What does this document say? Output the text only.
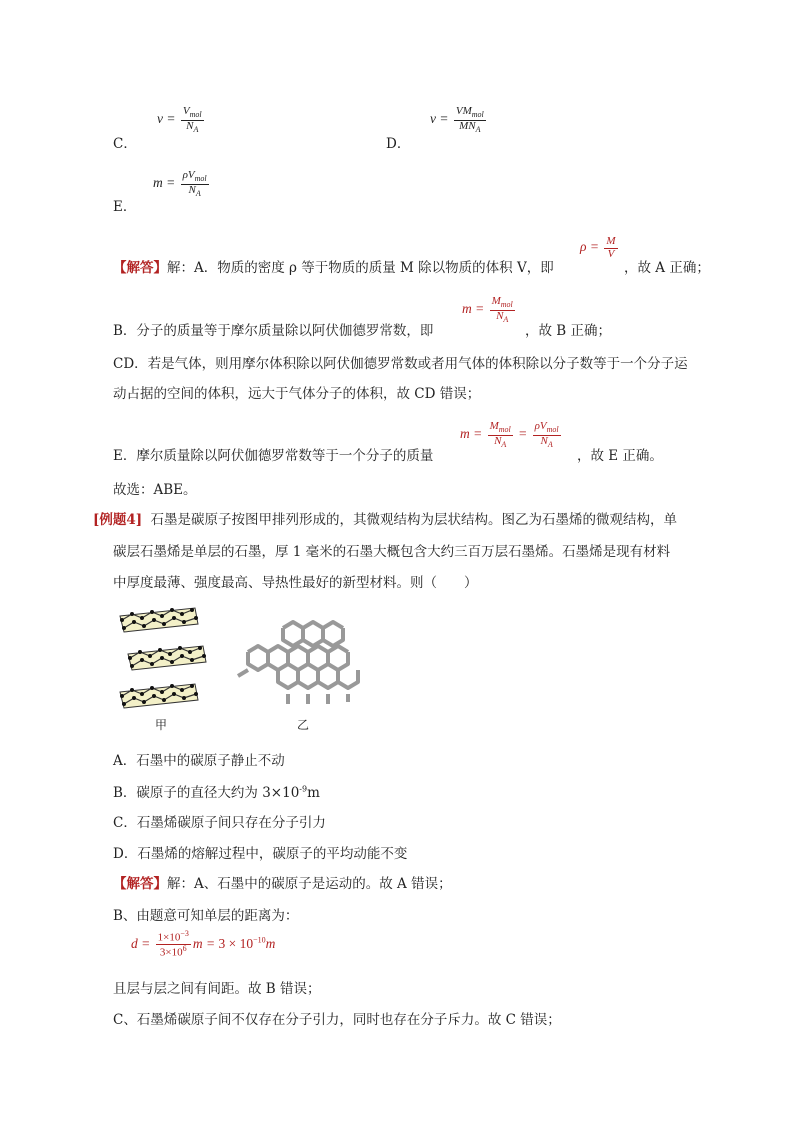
C．
$v = \frac{V_{mol}}{N_A}$
D．
$v = \frac{VM_{mol}}{MN_A}$
E．
$m = \frac{\rho V_{mol}}{N_A}$
【解答】解：A．物质的密度 ρ 等于物质的质量 M 除以物质的体积 V，即
$\rho = \frac{M}{V}$
，故 A 正确；
B．分子的质量等于摩尔质量除以阿伏伽德罗常数，即
$m = \frac{M_{mol}}{N_A}$
，故 B 正确；
CD．若是气体，则用摩尔体积除以阿伏伽德罗常数或者用气体的体积除以分子数等于一个分子运
动占据的空间的体积，远大于气体分子的体积，故 CD 错误；
E．摩尔质量除以阿伏伽德罗常数等于一个分子的质量
$m = \frac{M_{mol}}{N_A} = \frac{\rho V_{mol}}{N_A}$
，故 E 正确。
故选：ABE。
[例题4] 石墨是碳原子按图甲排列形成的，其微观结构为层状结构。图乙为石墨烯的微观结构，单
碳层石墨烯是单层的石墨，厚 1 毫米的石墨大概包含大约三百万层石墨烯。石墨烯是现有材料
中厚度最薄、强度最高、导热性最好的新型材料。则（　　）
甲	乙
A．石墨中的碳原子静止不动
B．碳原子的直径大约为 $3\times 10^{-9}m$
C．石墨烯碳原子间只存在分子引力
D．石墨烯的熔解过程中，碳原子的平均动能不变
【解答】解：A、石墨中的碳原子是运动的。故 A 错误；
B、由题意可知单层的距离为：
$d = \frac{1\times 10^{-3}}{3\times 10^6}$ $m = 3 \times 10^{-10}m$
且层与层之间有间距。故 B 错误；
C、石墨烯碳原子间不仅存在分子引力，同时也存在分子斥力。故 C 错误；
